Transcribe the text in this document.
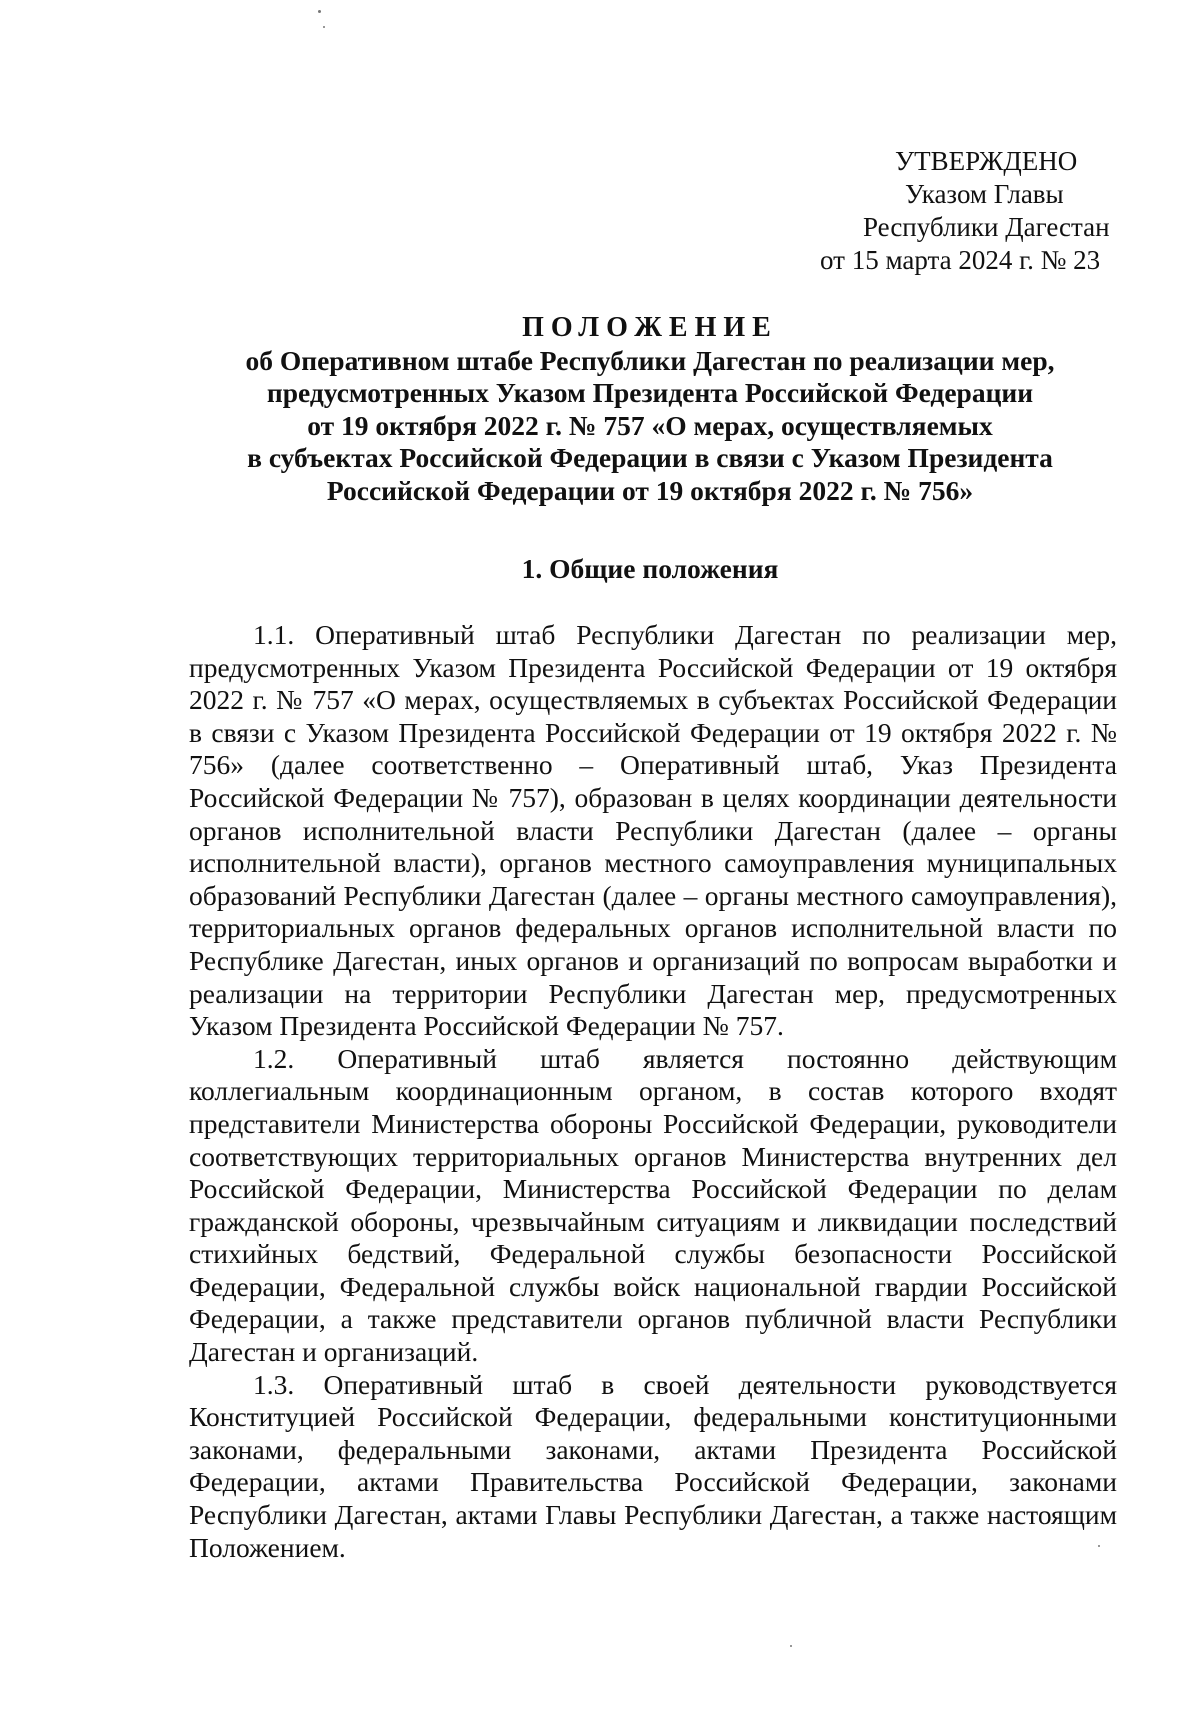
УТВЕРЖДЕНО
Указом Главы
Республики Дагестан
от 15 марта 2024 г. № 23
ПОЛОЖЕНИЕ
об Оперативном штабе Республики Дагестан по реализации мер,
предусмотренных Указом Президента Российской Федерации
от 19 октября 2022 г. № 757 «О мерах, осуществляемых
в субъектах Российской Федерации в связи с Указом Президента
Российской Федерации от 19 октября 2022 г. № 756»
1. Общие положения

1.1. Оперативный штаб Республики Дагестан по реализации мер, предусмотренных Указом Президента Российской Федерации от 19 октября 2022 г. № 757 «О мерах, осуществляемых в субъектах Российской Федерации в связи с Указом Президента Российской Федерации от 19 октября 2022 г. № 756» (далее соответственно – Оперативный штаб, Указ Президента Российской Федерации № 757), образован в целях координации деятельности органов исполнительной власти Республики Дагестан (далее – органы исполнительной власти), органов местного самоуправления муниципальных образований Республики Дагестан (далее – органы местного самоуправления), территориальных органов федеральных органов исполнительной власти по Республике Дагестан, иных органов и организаций по вопросам выработки и реализации на территории Республики Дагестан мер, предусмотренных Указом Президента Российской Федерации № 757.

1.2. Оперативный штаб является постоянно действующим коллегиальным координационным органом, в состав которого входят представители Министерства обороны Российской Федерации, руководители соответствующих территориальных органов Министерства внутренних дел Российской Федерации, Министерства Российской Федерации по делам гражданской обороны, чрезвычайным ситуациям и ликвидации последствий стихийных бедствий, Федеральной службы безопасности Российской Федерации, Федеральной службы войск национальной гвардии Российской Федерации, а также представители органов публичной власти Республики Дагестан и организаций.

1.3. Оперативный штаб в своей деятельности руководствуется Конституцией Российской Федерации, федеральными конституционными законами, федеральными законами, актами Президента Российской Федерации, актами Правительства Российской Федерации, законами Республики Дагестан, актами Главы Республики Дагестан, а также настоящим Положением.
